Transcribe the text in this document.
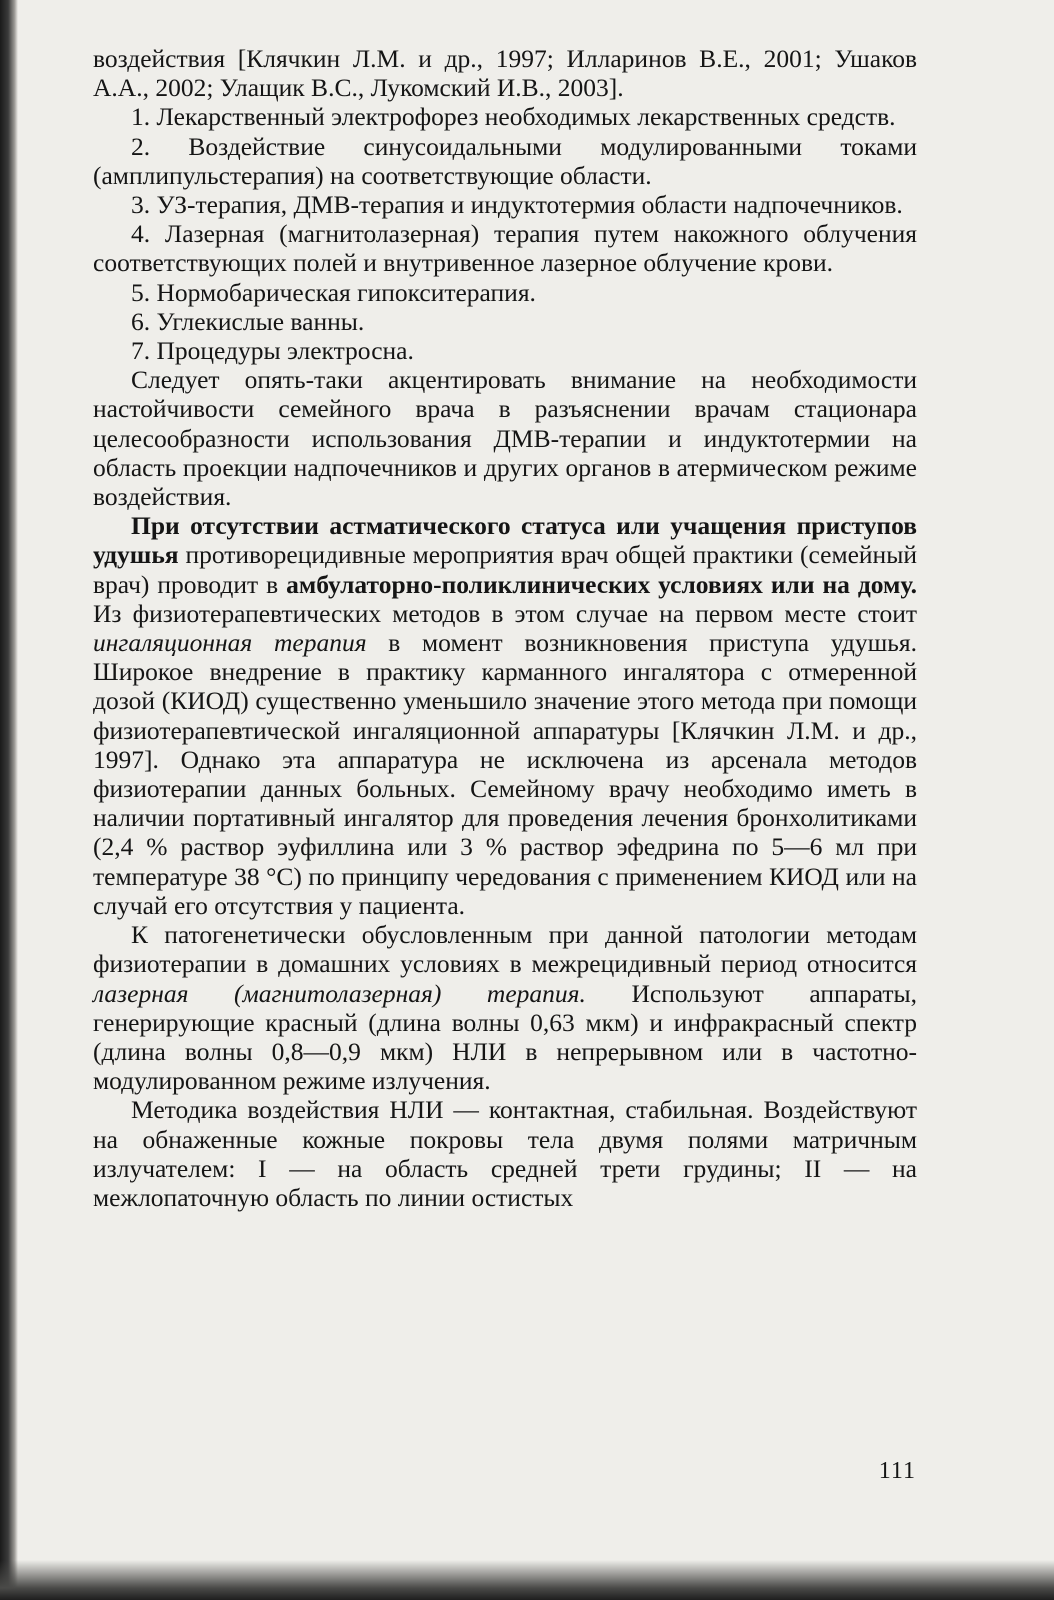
воздействия [Клячкин Л.М. и др., 1997; Илларинов В.Е., 2001; Ушаков А.А., 2002; Улащик В.С., Лукомский И.В., 2003].

1. Лекарственный электрофорез необходимых лекарственных средств.

2. Воздействие синусоидальными модулированными токами (амплипульстерапия) на соответствующие области.

3. УЗ-терапия, ДМВ-терапия и индуктотермия области надпочечников.

4. Лазерная (магнитолазерная) терапия путем накожного облучения соответствующих полей и внутривенное лазерное облучение крови.

5. Нормобарическая гипокситерапия.

6. Углекислые ванны.

7. Процедуры электросна.

Следует опять-таки акцентировать внимание на необходимости настойчивости семейного врача в разъяснении врачам стационара целесообразности использования ДМВ-терапии и индуктотермии на область проекции надпочечников и других органов в атермическом режиме воздействия.

При отсутствии астматического статуса или учащения приступов удушья противорецидивные мероприятия врач общей практики (семейный врач) проводит в амбулаторно-поликлинических условиях или на дому. Из физиотерапевтических методов в этом случае на первом месте стоит ингаляционная терапия в момент возникновения приступа удушья. Широкое внедрение в практику карманного ингалятора с отмеренной дозой (КИОД) существенно уменьшило значение этого метода при помощи физиотерапевтической ингаляционной аппаратуры [Клячкин Л.М. и др., 1997]. Однако эта аппаратура не исключена из арсенала методов физиотерапии данных больных. Семейному врачу необходимо иметь в наличии портативный ингалятор для проведения лечения бронхолитиками (2,4 % раствор эуфиллина или 3 % раствор эфедрина по 5—6 мл при температуре 38 °C) по принципу чередования с применением КИОД или на случай его отсутствия у пациента.

К патогенетически обусловленным при данной патологии методам физиотерапии в домашних условиях в межрецидивный период относится лазерная (магнитолазерная) терапия. Используют аппараты, генерирующие красный (длина волны 0,63 мкм) и инфракрасный спектр (длина волны 0,8—0,9 мкм) НЛИ в непрерывном или в частотно-модулированном режиме излучения.

Методика воздействия НЛИ — контактная, стабильная. Воздействуют на обнаженные кожные покровы тела двумя полями матричным излучателем: I — на область средней трети грудины; II — на межлопаточную область по линии остистых

111
